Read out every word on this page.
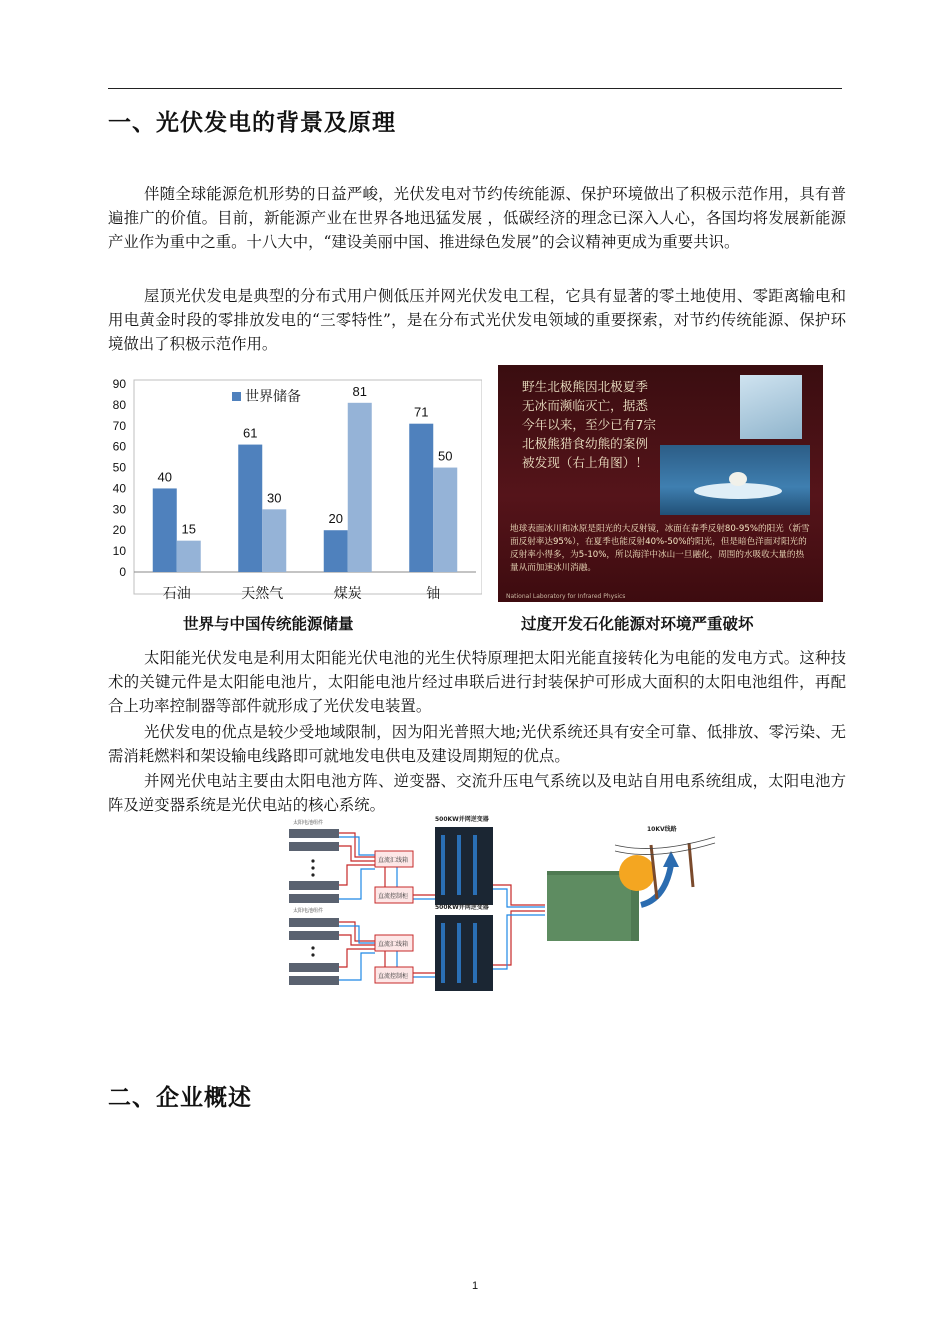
一、光伏发电的背景及原理

伴随全球能源危机形势的日益严峻，光伏发电对节约传统能源、保护环境做出了积极示范作用，具有普遍推广的价值。目前，新能源产业在世界各地迅猛发展 ，低碳经济的理念已深入人心，各国均将发展新能源产业作为重中之重。十八大中，“建设美丽中国、推进绿色发展”的会议精神更成为重要共识。

屋顶光伏发电是典型的分布式用户侧低压并网光伏发电工程，它具有显著的零土地使用、零距离输电和用电黄金时段的零排放发电的“三零特性”，是在分布式光伏发电领域的重要探索，对节约传统能源、保护环境做出了积极示范作用。

0
10
20
30
40
50
60
70
80
90
石油
40
15
天然气
61
30
煤炭
20
81
铀
71
50
世界储备
野生北极熊因北极夏季无冰而濒临灭亡，据悉今年以来，至少已有7宗北极熊猎食幼熊的案例被发现（右上角图）！
地球表面冰川和冰原是阳光的大反射镜，冰面在春季反射80-95%的阳光（新雪面反射率达95%），在夏季也能反射40%-50%的阳光，但是暗色洋面对阳光的反射率小得多，为5-10%，所以海洋中冰山一旦融化，周围的水吸收大量的热量从而加速冰川消融。
National Laboratory for Infrared Physics
世界与中国传统能源储量	过度开发石化能源对环境严重破坏

太阳能光伏发电是利用太阳能光伏电池的光生伏特原理把太阳光能直接转化为电能的发电方式。这种技术的关键元件是太阳能电池片，太阳能电池片经过串联后进行封装保护可形成大面积的太阳电池组件，再配合上功率控制器等部件就形成了光伏发电装置。

光伏发电的优点是较少受地域限制，因为阳光普照大地;光伏系统还具有安全可靠、低排放、零污染、无需消耗燃料和架设输电线路即可就地发电供电及建设周期短的优点。

并网光伏电站主要由太阳电池方阵、逆变器、交流升压电气系统以及电站自用电系统组成，太阳电池方阵及逆变器系统是光伏电站的核心系统。

太阳电池组件
太阳电池组件
直流汇线箱
直流控制柜
直流汇线箱
直流控制柜
500KW并网逆变器
500KW并网逆变器
10KV线路
二、企业概述
1
